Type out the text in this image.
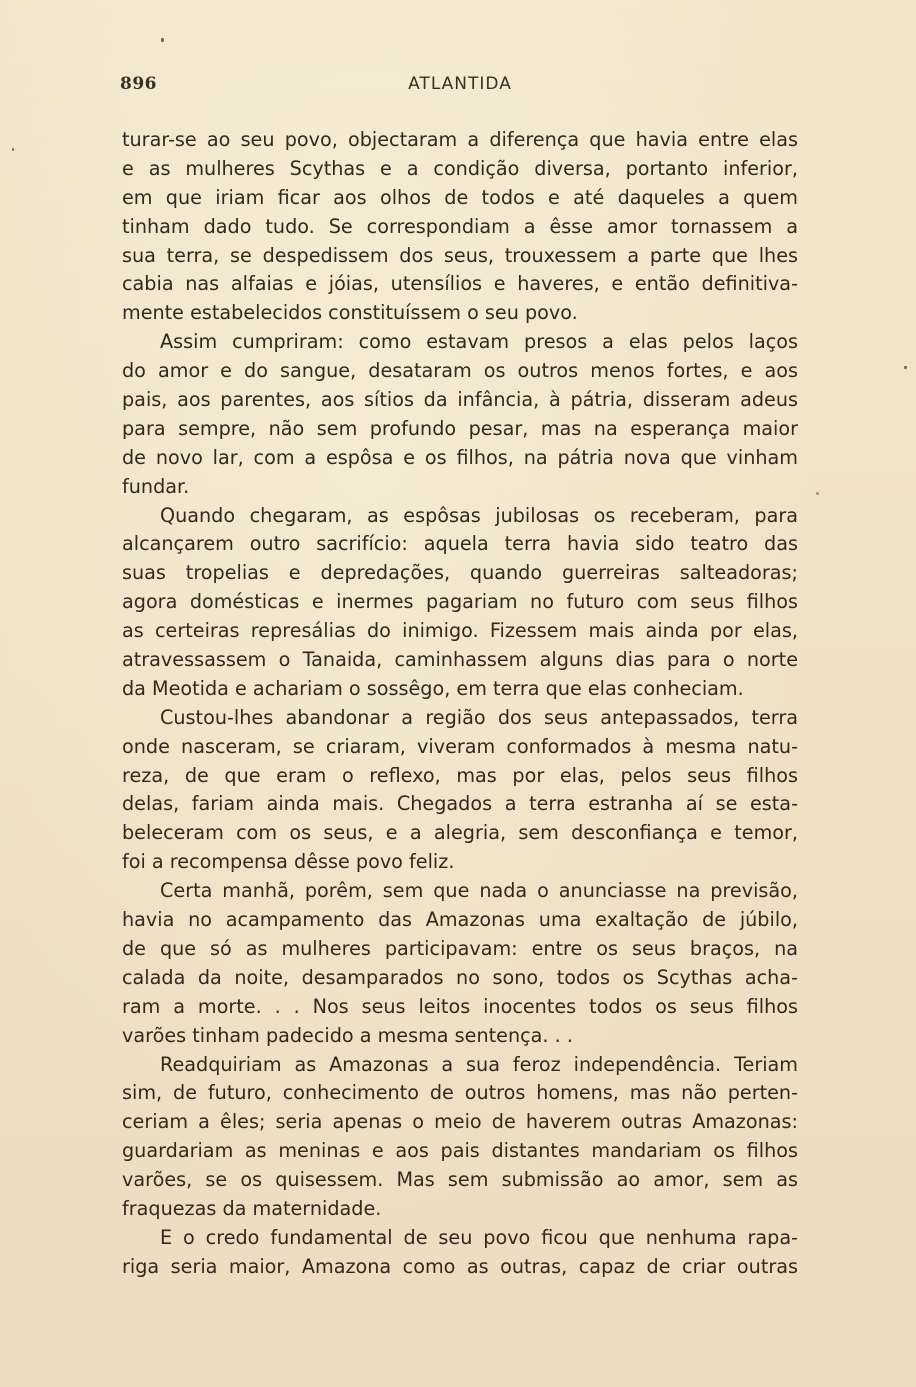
896	ATLANTIDA
turar-se ao seu povo, objectaram a diferença que havia entre elas
e as mulheres Scythas e a condição diversa, portanto inferior,
em que iriam ficar aos olhos de todos e até daqueles a quem
tinham dado tudo. Se correspondiam a êsse amor tornassem a
sua terra, se despedissem dos seus, trouxessem a parte que lhes
cabia nas alfaias e jóias, utensílios e haveres, e então definitiva-
mente estabelecidos constituíssem o seu povo.
Assim cumpriram: como estavam presos a elas pelos laços
do amor e do sangue, desataram os outros menos fortes, e aos
pais, aos parentes, aos sítios da infância, à pátria, disseram adeus
para sempre, não sem profundo pesar, mas na esperança maior
de novo lar, com a espôsa e os filhos, na pátria nova que vinham
fundar.
Quando chegaram, as espôsas jubilosas os receberam, para
alcançarem outro sacrifício: aquela terra havia sido teatro das
suas tropelias e depredações, quando guerreiras salteadoras;
agora domésticas e inermes pagariam no futuro com seus filhos
as certeiras represálias do inimigo. Fizessem mais ainda por elas,
atravessassem o Tanaida, caminhassem alguns dias para o norte
da Meotida e achariam o sossêgo, em terra que elas conheciam.
Custou-lhes abandonar a região dos seus antepassados, terra
onde nasceram, se criaram, viveram conformados à mesma natu-
reza, de que eram o reflexo, mas por elas, pelos seus filhos
delas, fariam ainda mais. Chegados a terra estranha aí se esta-
beleceram com os seus, e a alegria, sem desconfiança e temor,
foi a recompensa dêsse povo feliz.
Certa manhã, porêm, sem que nada o anunciasse na previsão,
havia no acampamento das Amazonas uma exaltação de júbilo,
de que só as mulheres participavam: entre os seus braços, na
calada da noite, desamparados no sono, todos os Scythas acha-
ram a morte. . . Nos seus leitos inocentes todos os seus filhos
varões tinham padecido a mesma sentença. . .
Readquiriam as Amazonas a sua feroz independência. Teriam
sim, de futuro, conhecimento de outros homens, mas não perten-
ceriam a êles; seria apenas o meio de haverem outras Amazonas:
guardariam as meninas e aos pais distantes mandariam os filhos
varões, se os quisessem. Mas sem submissão ao amor, sem as
fraquezas da maternidade.
E o credo fundamental de seu povo ficou que nenhuma rapa-
riga seria maior, Amazona como as outras, capaz de criar outras
